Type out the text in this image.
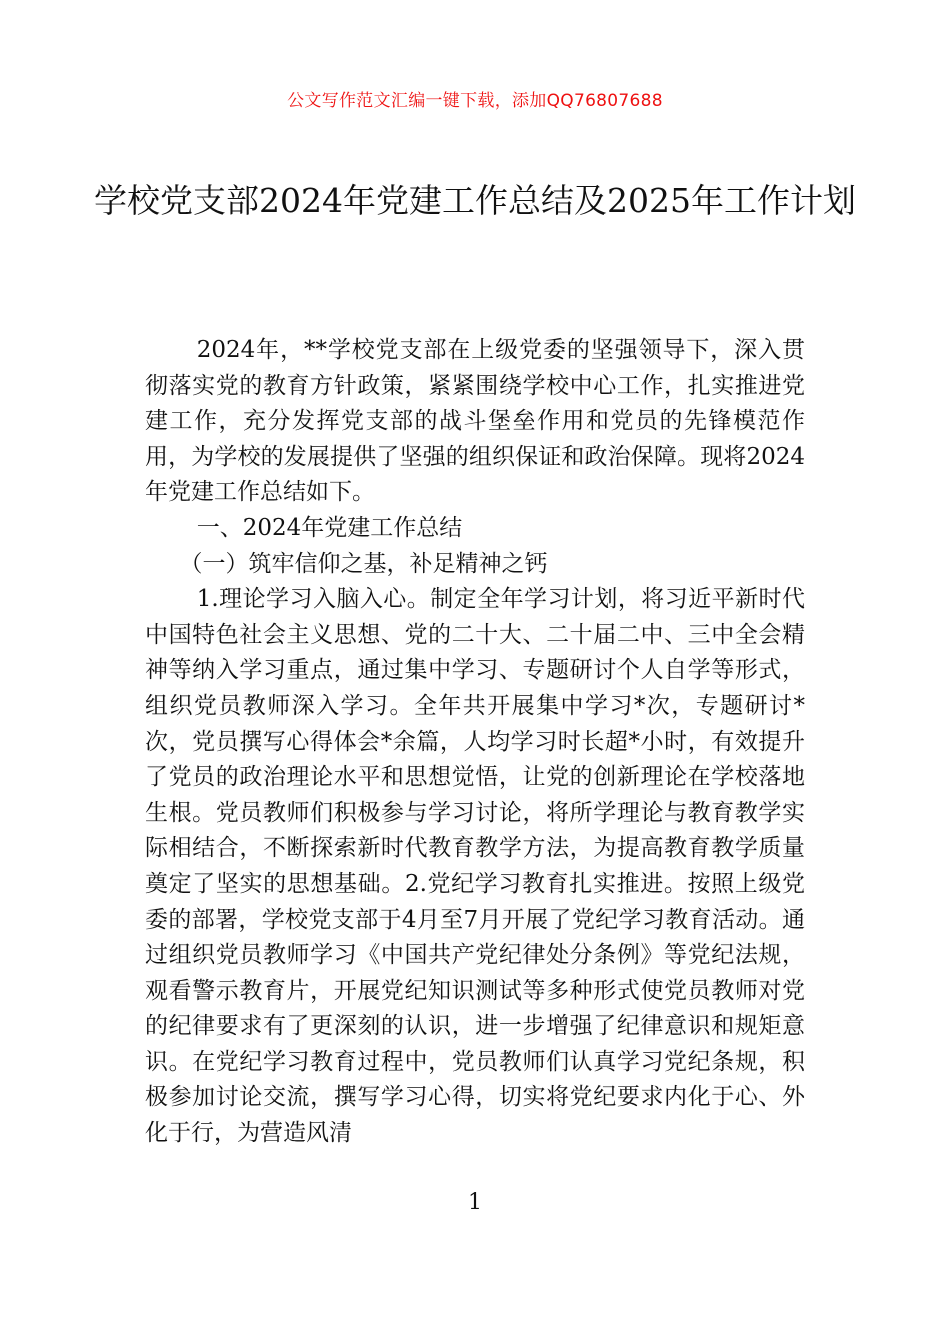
公文写作范文汇编一键下载，添加QQ76807688
学校党支部2024年党建工作总结及2025年工作计划

2024年，**学校党支部在上级党委的坚强领导下，深入贯彻落实党的教育方针政策，紧紧围绕学校中心工作，扎实推进党建工作，充分发挥党支部的战斗堡垒作用和党员的先锋模范作用，为学校的发展提供了坚强的组织保证和政治保障。现将2024年党建工作总结如下。

一、2024年党建工作总结

（一）筑牢信仰之基，补足精神之钙

1.理论学习入脑入心。制定全年学习计划，将习近平新时代中国特色社会主义思想、党的二十大、二十届二中、三中全会精神等纳入学习重点，通过集中学习、专题研讨个人自学等形式，组织党员教师深入学习。全年共开展集中学习*次，专题研讨*次，党员撰写心得体会*余篇，人均学习时长超*小时，有效提升了党员的政治理论水平和思想觉悟，让党的创新理论在学校落地生根。党员教师们积极参与学习讨论，将所学理论与教育教学实际相结合，不断探索新时代教育教学方法，为提高教育教学质量奠定了坚实的思想基础。2.党纪学习教育扎实推进。按照上级党委的部署，学校党支部于4月至7月开展了党纪学习教育活动。通过组织党员教师学习《中国共产党纪律处分条例》等党纪法规，观看警示教育片，开展党纪知识测试等多种形式使党员教师对党的纪律要求有了更深刻的认识，进一步增强了纪律意识和规矩意识。在党纪学习教育过程中，党员教师们认真学习党纪条规，积极参加讨论交流，撰写学习心得，切实将党纪要求内化于心、外化于行，为营造风清

1
